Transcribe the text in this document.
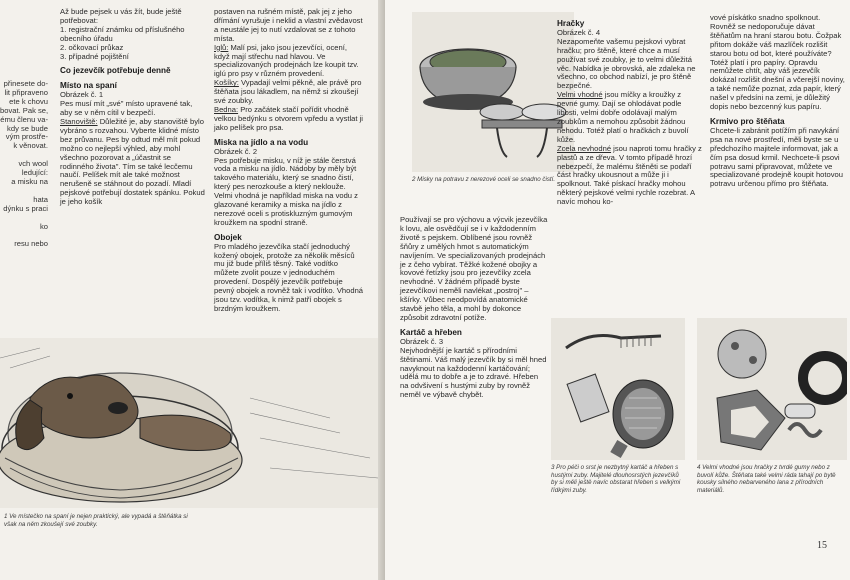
přinesete do-
lit připraveno
ete k chovu
bovat. Pak se,
ému členu va-
kdy se bude
vým prostře-
k věnovat.

vch wool
ledující:
a misku na

hata
dýnku s praci

ko

resu nebo

Až bude pejsek u vás žít, bude ještě potřebovat:

1. registrační známku od příslušného obecního úřadu

2. očkovací průkaz

3. případné pojištění

Co jezevčík potřebuje denně

Místo na spaní

Obrázek č. 1

Pes musí mít „své" místo upravené tak, aby se v něm cítil v bezpečí.

Stanoviště: Důležité je, aby stanoviště bylo vybráno s rozvahou. Vyberte klidné místo bez průvanu. Pes by odtud měl mít pokud možno co nejlepší výhled, aby mohl všechno pozorovat a „účastnit se rodinného života". Tím se také lecčemu naučí. Pelíšek mít ale také možnost nerušeně se stáhnout do pozadí. Mladí pejskové potřebují dostatek spánku. Pokud je jeho košík

postaven na rušném místě, pak jej z jeho dřímání vyrušuje i neklid a vlastní zvědavost a neustále jej to nutí vzdalovat se z tohoto místa.

Iglů: Malí psi, jako jsou jezevčíci, ocení, když mají střechu nad hlavou. Ve specializovaných prodejnách lze koupit tzv. iglú pro psy v různém provedení.

Košíky: Vypadají velmi pěkně, ale právě pro štěňata jsou lákadlem, na němž si zkoušejí své zoubky.

Bedna: Pro začátek stačí pořídit vhodně velkou bedýnku s otvorem vpředu a vystlat ji jako pelíšek pro psa.

Miska na jídlo a na vodu

Obrázek č. 2

Pes potřebuje misku, v níž je stále čerstvá voda a misku na jídlo. Nádoby by měly být takového materiálu, který se snadno čistí, který pes nerozkouše a který neklouže. Velmi vhodná je například miska na vodu z glazované keramiky a miska na jídlo z nerezové oceli s protiskluzným gumovým kroužkem na spodní straně.

Obojek

Pro mladého jezevčíka stačí jednoduchý kožený obojek, protože za několik měsíců mu již bude příliš těsný. Také vodítko můžete zvolit pouze v jednoduchém provedení. Dospělý jezevčík potřebuje pevný obojek a rovněž tak i vodítko. Vhodná jsou tzv. vodítka, k nimž patří obojek s brzdným kroužkem.

1 Ve místečko na spaní je nejen praktický, ale vypadá a štěňátka si však na něm zkoušejí své zoubky.
2 Misky na potravu z nerezové oceli se snadno čistí.

Používají se pro výchovu a výcvik jezevčíka k lovu, ale osvědčují se i v každodenním životě s pejskem. Oblíbené jsou rovněž šňůry z umělých hmot s automatickým navíjením. Ve specializovaných prodejnách je z čeho vybírat. Těžké kožené obojky a kovové řetízky jsou pro jezevčíky zcela nevhodné. V žádném případě byste jezevčíkovi neměli navlékat „postroj" – kšírky. Vůbec neodpovídá anatomické stavbě jeho těla, a mohl by dokonce způsobit zdravotní potíže.

Kartáč a hřeben

Obrázek č. 3

Nejvhodnější je kartáč s přírodními štětinami. Váš malý jezevčík by si měl hned navyknout na každodenní kartáčování; udělá mu to dobře a je to zdravé. Hřeben na odvšivení s hustými zuby by rovněž neměl ve výbavě chybět.

Hračky

Obrázek č. 4

Nezapomeňte vašemu pejskovi vybrat hračku; pro štěně, které chce a musí používat své zoubky, je to velmi důležitá věc. Nabídka je obrovská, ale zdaleka ne všechno, co obchod nabízí, je pro štěně bezpečné.

Velmi vhodné jsou míčky a kroužky z pevné gumy. Dají se ohlodávat podle libosti, velmi dobře odolávají malým zoubkům a nemohou způsobit žádnou nehodu. Totéž platí o hračkách z buvolí kůže.

Zcela nevhodné jsou naproti tomu hračky z plastů a ze dřeva. V tomto případě hrozí nebezpečí, že malému štěněti se podaří část hračky ukousnout a může ji i spolknout. Také pískací hračky mohou některý pejskové velmi rychle rozebrat. A navíc mohou ko-

vové pískátko snadno spolknout. Rovněž se nedoporučuje dávat štěňatům na hraní starou botu. Čožpak přitom dokáže váš mazlíček rozlišit starou botu od bot, které používáte? Totéž platí i pro papíry. Opravdu nemůžete chtít, aby váš jezevčík dokázal rozlišit dnešní a včerejší noviny, a také nemůže poznat, zda papír, který našel v předsíni na zemi, je důležitý dopis nebo bezcenný kus papíru.

Krmivo pro štěňata

Chcete-li zabránit potížím při navykání psa na nové prostředí, měli byste se u předchozího majitele informovat, jak a čím psa dosud krmil. Nechcete-li psovi potravu sami připravovat, můžete ve specializované prodejně koupit hotovou potravu určenou přímo pro štěňata.

3 Pro péči o srst je nezbytný kartáč a hřeben s hustými zuby. Majitelé dlouhosrstých jezevčíků by si měli ještě navíc obstarat hřeben s velkými řídkými zuby.
4 Velmi vhodné jsou hračky z tvrdé gumy nebo z buvolí kůže. Štěňata také velmi ráda tahají po bytě kousky silného nebarveného lana z přírodních materiálů.
15
